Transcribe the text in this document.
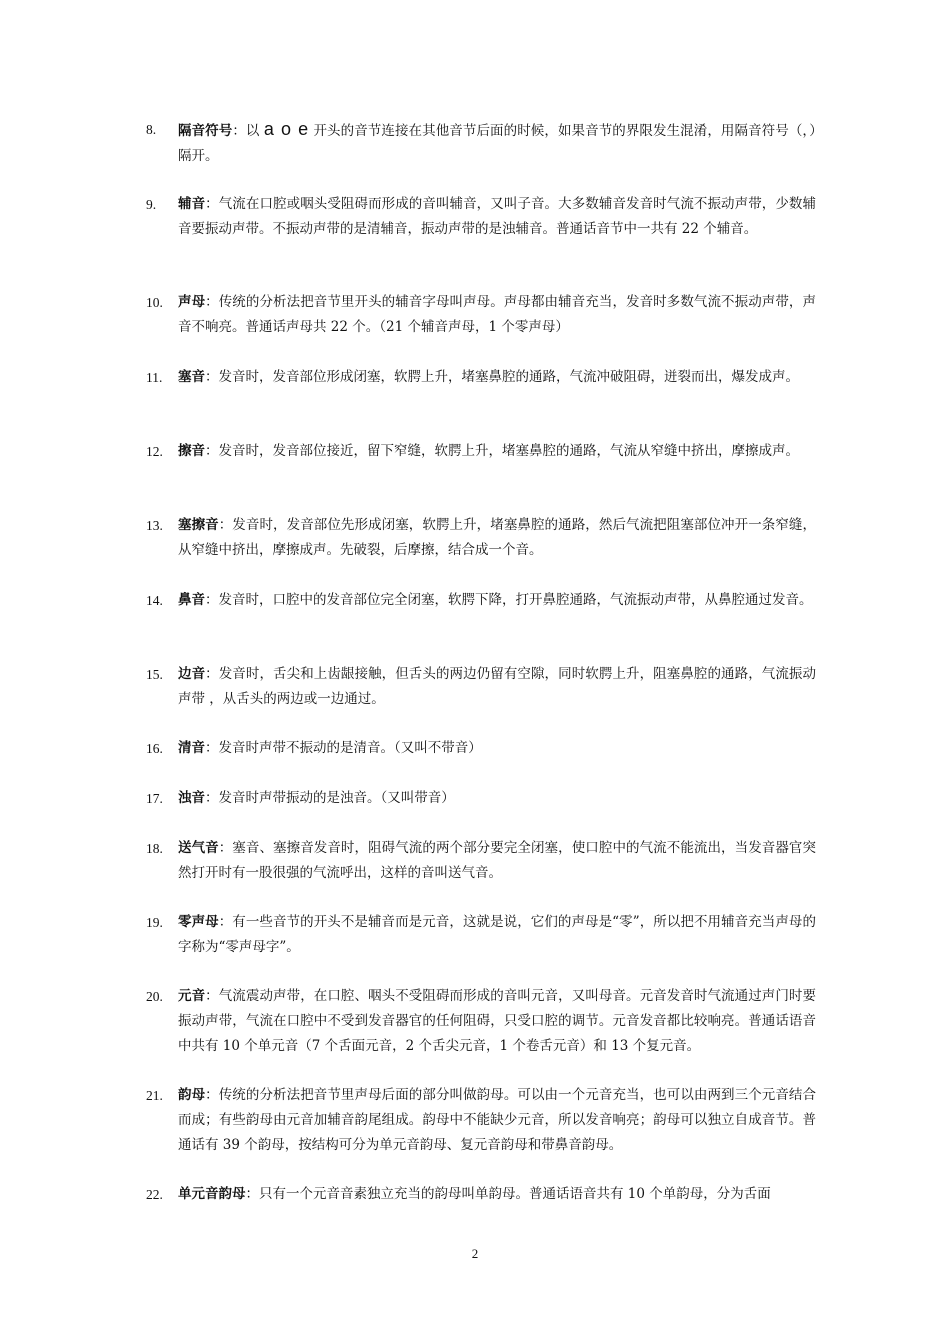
8.	隔音符号：以 a o e 开头的音节连接在其他音节后面的时候，如果音节的界限发生混淆，用隔音符号（，）隔开。
9.	辅音：气流在口腔或咽头受阻碍而形成的音叫辅音，又叫子音。大多数辅音发音时气流不振动声带，少数辅音要振动声带。不振动声带的是清辅音，振动声带的是浊辅音。普通话音节中一共有 22 个辅音。
10.	声母：传统的分析法把音节里开头的辅音字母叫声母。声母都由辅音充当，发音时多数气流不振动声带，声音不响亮。普通话声母共 22 个。（21 个辅音声母，1 个零声母）
11.	塞音：发音时，发音部位形成闭塞，软腭上升，堵塞鼻腔的通路，气流冲破阻碍，迸裂而出，爆发成声。
12.	擦音：发音时，发音部位接近，留下窄缝，软腭上升，堵塞鼻腔的通路，气流从窄缝中挤出，摩擦成声。
13.	塞擦音：发音时，发音部位先形成闭塞，软腭上升，堵塞鼻腔的通路，然后气流把阻塞部位冲开一条窄缝，从窄缝中挤出，摩擦成声。先破裂，后摩擦，结合成一个音。
14.	鼻音：发音时，口腔中的发音部位完全闭塞，软腭下降，打开鼻腔通路，气流振动声带，从鼻腔通过发音。
15.	边音：发音时，舌尖和上齿龈接触，但舌头的两边仍留有空隙，同时软腭上升，阻塞鼻腔的通路，气流振动声带 ，从舌头的两边或一边通过。
16.	清音：发音时声带不振动的是清音。（又叫不带音）
17.	浊音：发音时声带振动的是浊音。（又叫带音）
18.	送气音：塞音、塞擦音发音时，阻碍气流的两个部分要完全闭塞，使口腔中的气流不能流出，当发音器官突然打开时有一股很强的气流呼出，这样的音叫送气音。
19.	零声母：有一些音节的开头不是辅音而是元音，这就是说，它们的声母是“零”，所以把不用辅音充当声母的字称为“零声母字”。
20.	元音：气流震动声带，在口腔、咽头不受阻碍而形成的音叫元音，又叫母音。元音发音时气流通过声门时要振动声带，气流在口腔中不受到发音器官的任何阻碍，只受口腔的调节。元音发音都比较响亮。普通话语音中共有 10 个单元音（7 个舌面元音，2 个舌尖元音，1 个卷舌元音）和 13 个复元音。
21.	韵母：传统的分析法把音节里声母后面的部分叫做韵母。可以由一个元音充当，也可以由两到三个元音结合而成；有些韵母由元音加辅音韵尾组成。韵母中不能缺少元音，所以发音响亮；韵母可以独立自成音节。普通话有 39 个韵母，按结构可分为单元音韵母、复元音韵母和带鼻音韵母。
22.	单元音韵母：只有一个元音音素独立充当的韵母叫单韵母。普通话语音共有 10 个单韵母，分为舌面
2
